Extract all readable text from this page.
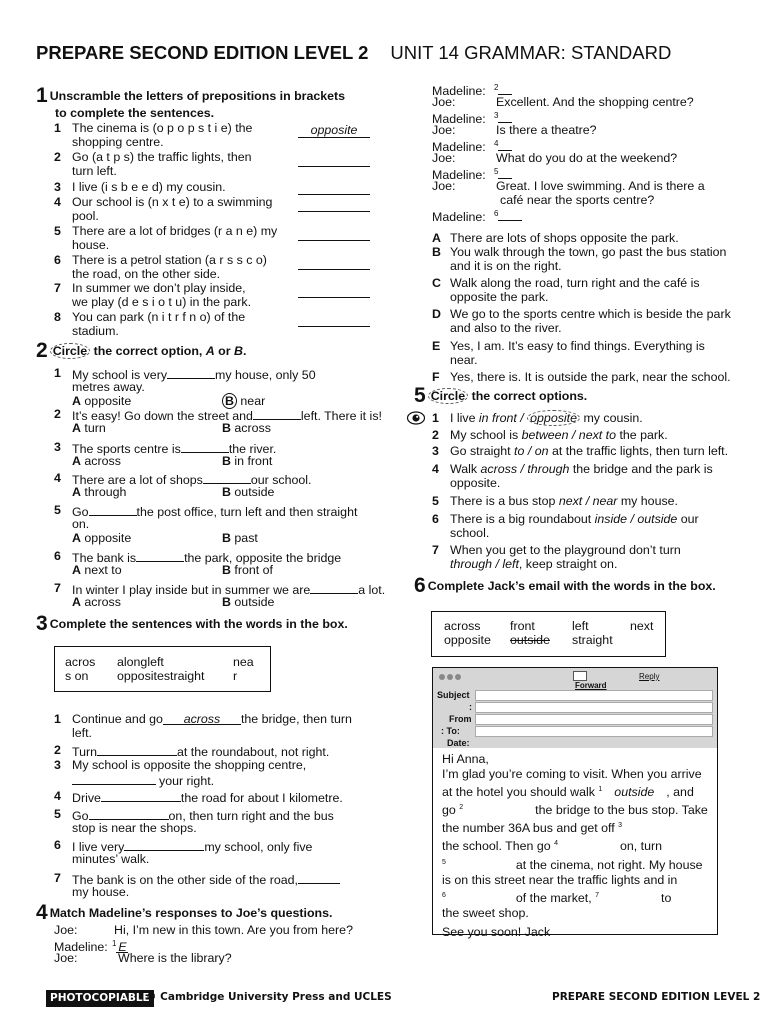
PREPARE SECOND EDITION LEVEL 2 UNIT 14 GRAMMAR: STANDARD
1 Unscramble the letters of prepositions in brackets
to complete the sentences.
1 The cinema is (o p o p s t i e) the
shopping centre.
opposite
2 Go (a t p s) the traffic lights, then
turn left.
3 I live (i s b e e d) my cousin.
4 Our school is (n x t e) to a swimming
pool.
5 There are a lot of bridges (r a n e) my
house.
6 There is a petrol station (a r s s c o)
the road, on the other side.
7 In summer we don’t play inside,
we play (d e s i o t u) in the park.
8 You can park (n i t r f n o) of the
stadium.
2 Circle the correct option, A or B.
1 My school is very	my house, only 50
metres away.
A opposite	B near
2 It’s easy! Go down the street and	left. There it is!
A turn	B across
3 The sports centre is	the river.
A across	B in front
4 There are a lot of shops	our school.
A through	B outside
5 Go	the post office, turn left and then straight
on.
A opposite	B past
6 The bank is	the park, opposite the bridge
A next to	B front of
7 In winter I play inside but in summer we are	a lot.
A across	B outside
3 Complete the sentences with the words in the box.
acros alongleft	nea
s on oppositestraight r
1 Continue and go across the bridge, then turn
left.
2 Turn	at the roundabout, not right.
3 My school is opposite the shopping centre,
your right.
4 Drive	the road for about I kilometre.
5 Go	on, then turn right and the bus
stop is near the shops.
6 I live very	my school, only five
minutes’ walk.
7 The bank is on the other side of the road,
my house.
4 Match Madeline’s responses to Joe’s questions.
Joe:	Hi, I’m new in this town. Are you from here?
Madeline: $^1$ E
Joe:	Where is the library?
Madeline: $^2$
Joe:	Excellent. And the shopping centre?
Madeline: $^3$
Joe:	Is there a theatre?
Madeline: $^4$
Joe:	What do you do at the weekend?
Madeline: $^5$
Joe:	Great. I love swimming. And is there a
café near the sports centre?
Madeline: $^6$
A There are lots of shops opposite the park.
B You walk through the town, go past the bus station
and it is on the right.
C Walk along the road, turn right and the café is
opposite the park.
D We go to the sports centre which is beside the park
and also to the river.
E Yes, I am. It’s easy to find things. Everything is
near.
F Yes, there is. It is outside the park, near the school.
5 Circle the correct options.
1 I live in front / opposite my cousin.
2 My school is between / next to the park.
3 Go straight to / on at the traffic lights, then turn left.
4 Walk across / through the bridge and the park is
opposite.
5 There is a bus stop next / near my house.
6 There is a big roundabout inside / outside our
school.
7 When you get to the playground don’t turn
through / left, keep straight on.
6 Complete Jack’s email with the words in the box.
across front	left	next
opposite outside straight
Reply
Forward
Subject
:
From
: To:
Date:
Hi Anna,
I’m glad you’re coming to visit. When you arrive
at the hotel you should walk $^1$ outside , and
go $^2$	the bridge to the bus stop. Take
the number 36A bus and get off $^3$
the school. Then go $^4$	on, turn
$^5$	at the cinema, not right. My house
is on this street near the traffic lights and in
$^6$	of the market, $^7$	to
the sweet shop.
See you soon! Jack
PHOTOCOPIABLE
© Cambridge University Press and UCLES	PREPARE SECOND EDITION LEVEL 2
